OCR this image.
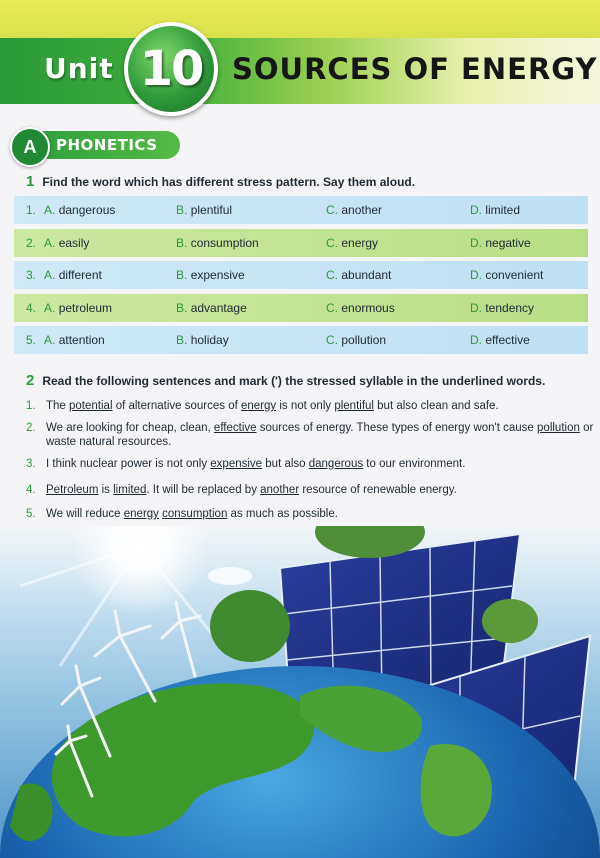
Unit 10 SOURCES OF ENERGY
A	PHONETICS
1 Find the word which has different stress pattern. Say them aloud.
1. A. dangerous	B. plentiful	C. another	D. limited
2. A. easily	B. consumption	C. energy	D. negative
3. A. different	B. expensive	C. abundant	D. convenient
4. A. petroleum	B. advantage	C. enormous	D. tendency
5. A. attention	B. holiday	C. pollution	D. effective
2 Read the following sentences and mark (') the stressed syllable in the underlined words.
1. The potential of alternative sources of energy is not only plentiful but also clean and safe.
2. We are looking for cheap, clean, effective sources of energy. These types of energy won't cause pollution or waste natural resources.
3. I think nuclear power is not only expensive but also dangerous to our environment.
4. Petroleum is limited. It will be replaced by another resource of renewable energy.
5. We will reduce energy consumption as much as possible.
